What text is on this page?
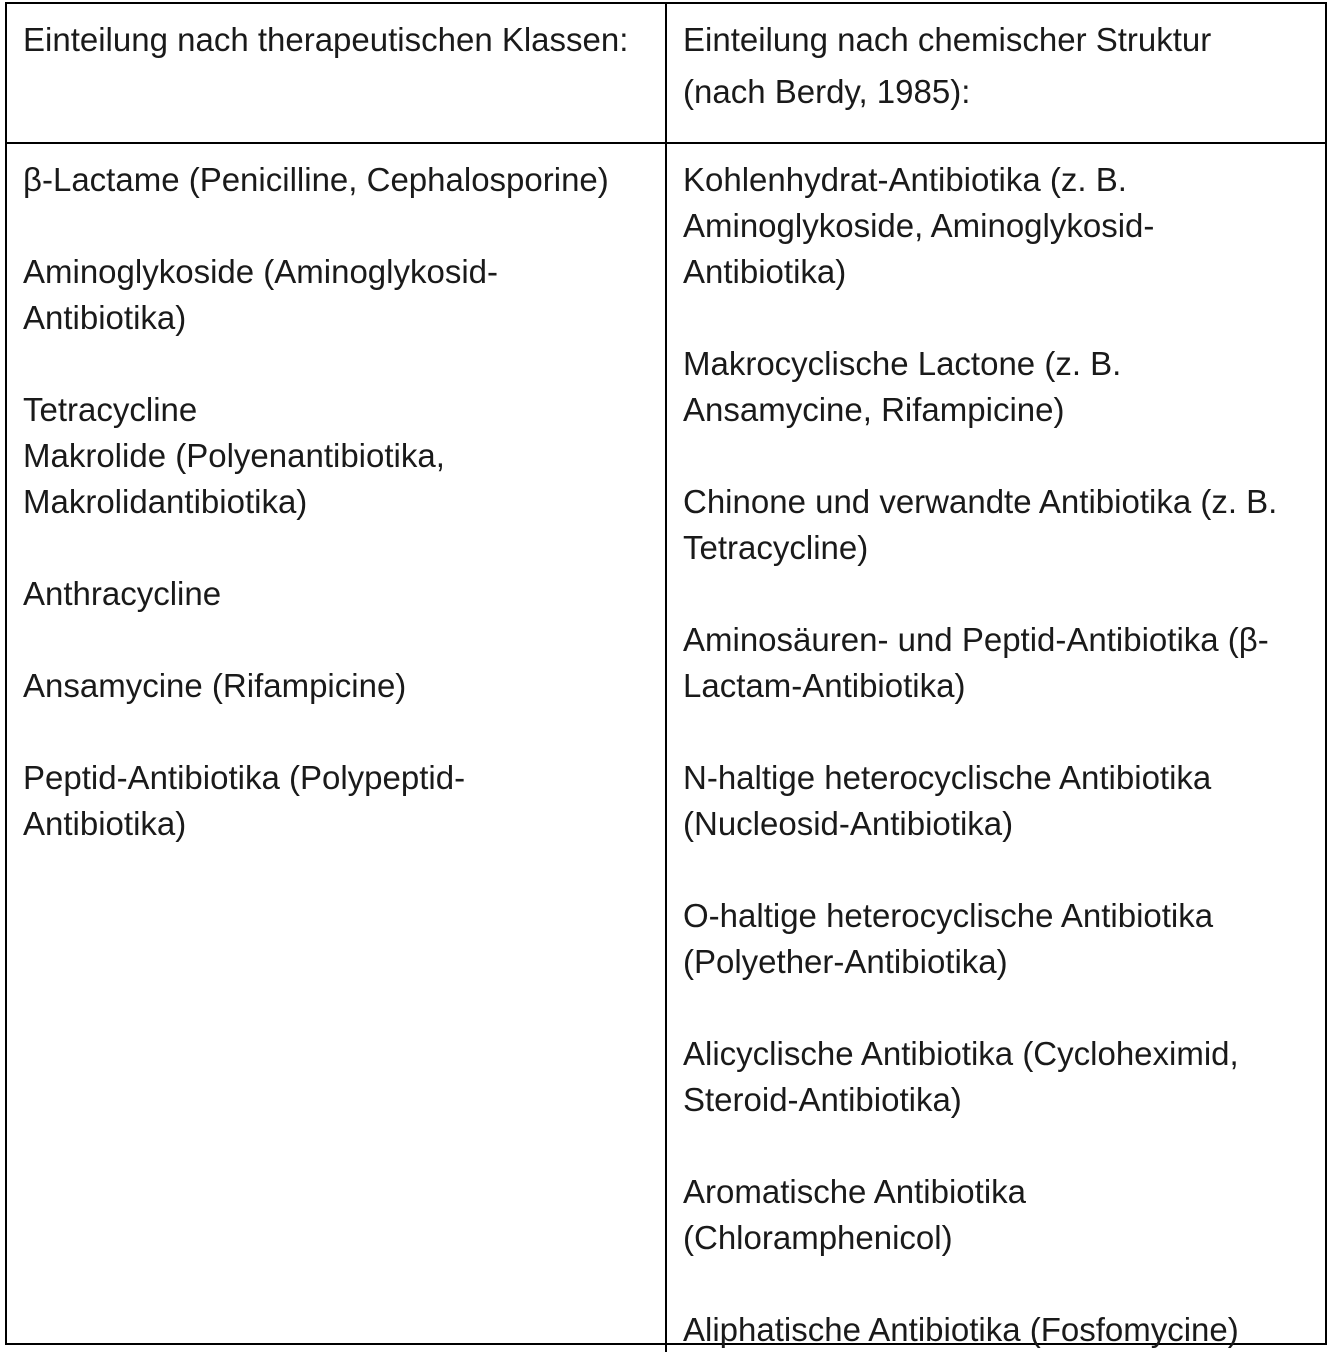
Einteilung nach therapeutischen Klassen:	Einteilung nach chemischer Struktur
(nach Berdy, 1985):
β-Lactame (Penicilline, Cephalosporine)
Aminoglykoside (Aminoglykosid-
Antibiotika)
Tetracycline
Makrolide (Polyenantibiotika,
Makrolidantibiotika)
Anthracycline
Ansamycine (Rifampicine)
Peptid-Antibiotika (Polypeptid-
Antibiotika)
Kohlenhydrat-Antibiotika (z. B.
Aminoglykoside, Aminoglykosid-
Antibiotika)
Makrocyclische Lactone (z. B.
Ansamycine, Rifampicine)
Chinone und verwandte Antibiotika (z. B.
Tetracycline)
Aminosäuren- und Peptid-Antibiotika (β-
Lactam-Antibiotika)
N-haltige heterocyclische Antibiotika
(Nucleosid-Antibiotika)
O-haltige heterocyclische Antibiotika
(Polyether-Antibiotika)
Alicyclische Antibiotika (Cycloheximid,
Steroid-Antibiotika)
Aromatische Antibiotika
(Chloramphenicol)
Aliphatische Antibiotika (Fosfomycine)
